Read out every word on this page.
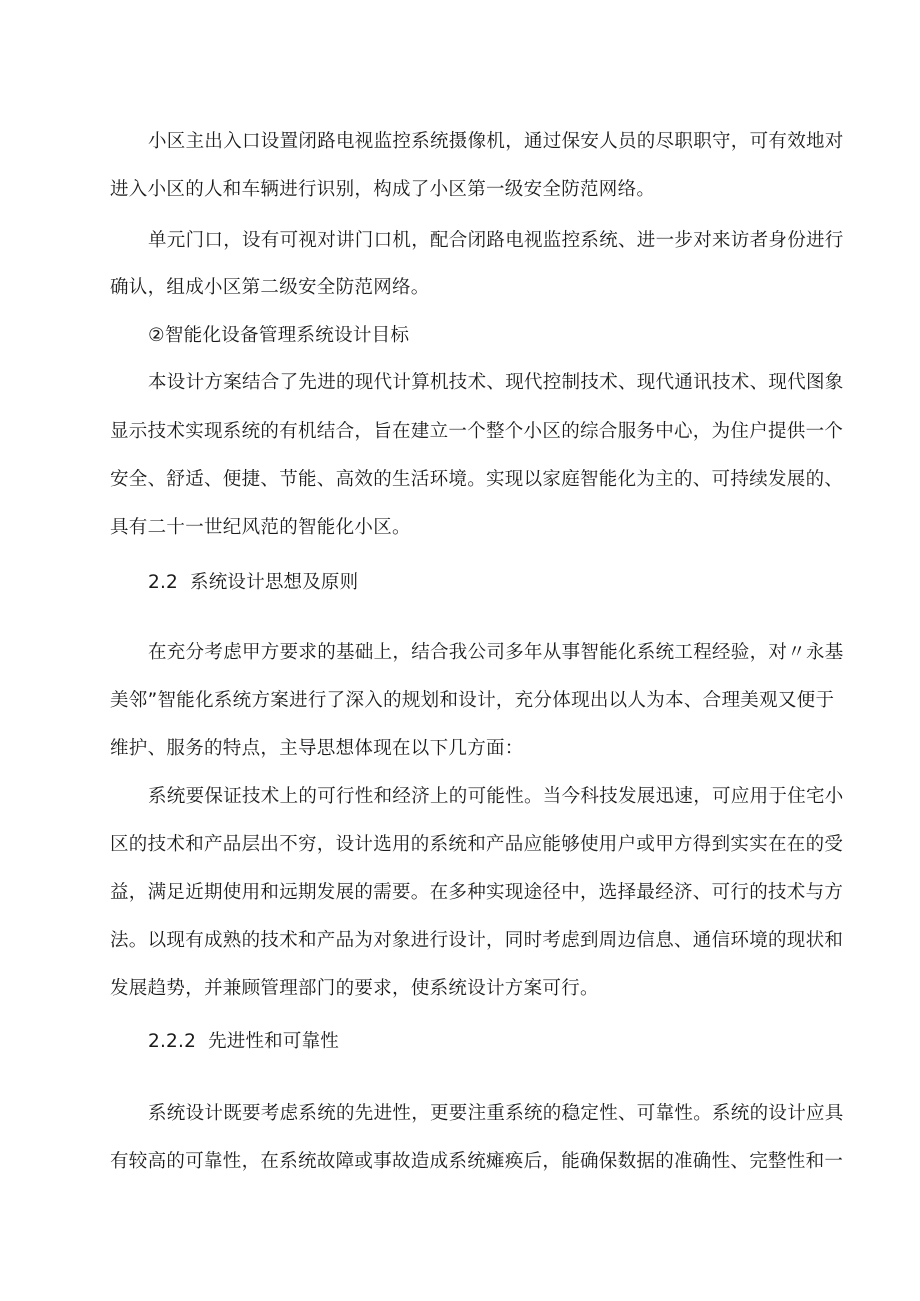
小区主出入口设置闭路电视监控系统摄像机，通过保安人员的尽职职守，可有效地对
进入小区的人和车辆进行识别，构成了小区第一级安全防范网络。
单元门口，设有可视对讲门口机，配合闭路电视监控系统、进一步对来访者身份进行
确认，组成小区第二级安全防范网络。
②智能化设备管理系统设计目标
本设计方案结合了先进的现代计算机技术、现代控制技术、现代通讯技术、现代图象
显示技术实现系统的有机结合，旨在建立一个整个小区的综合服务中心，为住户提供一个
安全、舒适、便捷、节能、高效的生活环境。实现以家庭智能化为主的、可持续发展的、
具有二十一世纪风范的智能化小区。
2.2 系统设计思想及原则
在充分考虑甲方要求的基础上，结合我公司多年从事智能化系统工程经验，对〃永基
美邻”智能化系统方案进行了深入的规划和设计，充分体现出以人为本、合理美观又便于
维护、服务的特点，主导思想体现在以下几方面：
系统要保证技术上的可行性和经济上的可能性。当今科技发展迅速，可应用于住宅小
区的技术和产品层出不穷，设计选用的系统和产品应能够使用户或甲方得到实实在在的受
益，满足近期使用和远期发展的需要。在多种实现途径中，选择最经济、可行的技术与方
法。以现有成熟的技术和产品为对象进行设计，同时考虑到周边信息、通信环境的现状和
发展趋势，并兼顾管理部门的要求，使系统设计方案可行。
2.2.2 先进性和可靠性
系统设计既要考虑系统的先进性，更要注重系统的稳定性、可靠性。系统的设计应具
有较高的可靠性，在系统故障或事故造成系统瘫痪后，能确保数据的准确性、完整性和一
